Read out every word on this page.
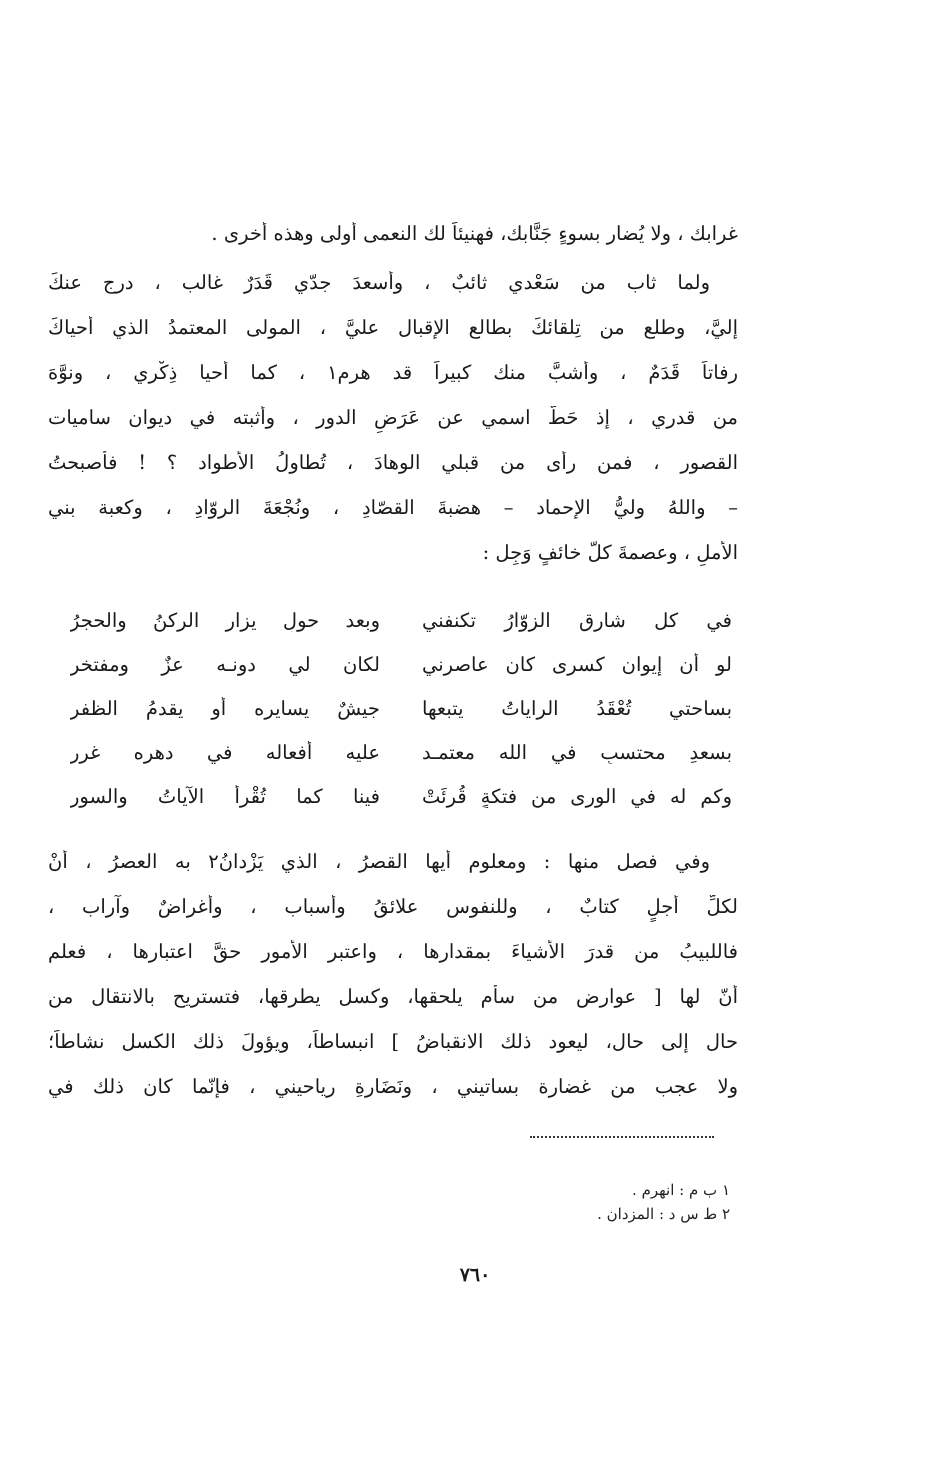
غرابك ، ولا يُضار بسوءٍ جَنَّابك، فهنيئاً لك النعمى أُولى وهذه أُخرى .
ولما ثاب من سَعْدي ثائبٌ ، وأسعدَ جدّي قَدَرٌ غالب ، درج عنكَ
إليَّ، وطلع من تِلقائكَ بطالع الإقبال عليَّ ، المولى المعتمدُ الذي أحياكَ
رفاتاً قَدَمٌ ، وأشبَّ منك كبيراً قد هرم١ ، كما أحيا ذِكْري ، ونوَّهَ
من قدري ، إذ حَطَّ اسمي عن عَرَضِ الدور ، وأثبته في ديوان ساميات
القصور ، فمن رأى من قبلي الوهادَ ، تُطاولُ الأطواد ؟ ! فأصبحتُ
– واللهُ وليُّ الإحماد – هضبةَ القصّادِ ، ونُجْعَةَ الروّادِ ، وكعبة بني
الأملِ ، وعصمةَ كلّ خائفٍ وَجِل :
في كل شارقٍ الزوّارُ تكنفني
وبعد حولٍ يزار الركنُ والحجرُ
لو أن إيوان كسرى كان عاصرني
لكان لي دونـه عزٌ ومفتخر
بساحتي تُعْقَدُ الراياتُ يتبعها
جيشٌ يسايره أو يقدمُ الظفر
بسعدِ محتسبٍ في الله معتمـد
عليه أفعاله في دهره غرر
وكم له في الورى من فتكةٍ قُرِئَتْ
فينا كما تُقْرأ الآياتُ والسور
وفي فصل منها : ومعلوم أيها القصرُ ، الذي يَزْدانُ٢ به العصرُ ، أنْ
لكلِّ أجلٍ كتابٌ ، وللنفوس علائقُ وأسباب ، وأغراضٌ وآراب ،
فاللبيبُ من قدرَ الأشياءَ بمقدارها ، واعتبر الأمور حقَّ اعتبارها ، فعلم
أنّ لها [ عوارض من سأم يلحقها، وكسل يطرقها، فتستريح بالانتقال من
حال إلى حال، ليعود ذلك الانقباضُ ] انبساطاً، ويؤولَ ذلك الكسل نشاطاً؛
ولا عجب من غضارة بساتيني ، ونَضَارةِ رياحيني ، فإنّما كان ذلك في
١ ب م : انهرم .
٢ ط س د : المزدان .
٧٦٠
